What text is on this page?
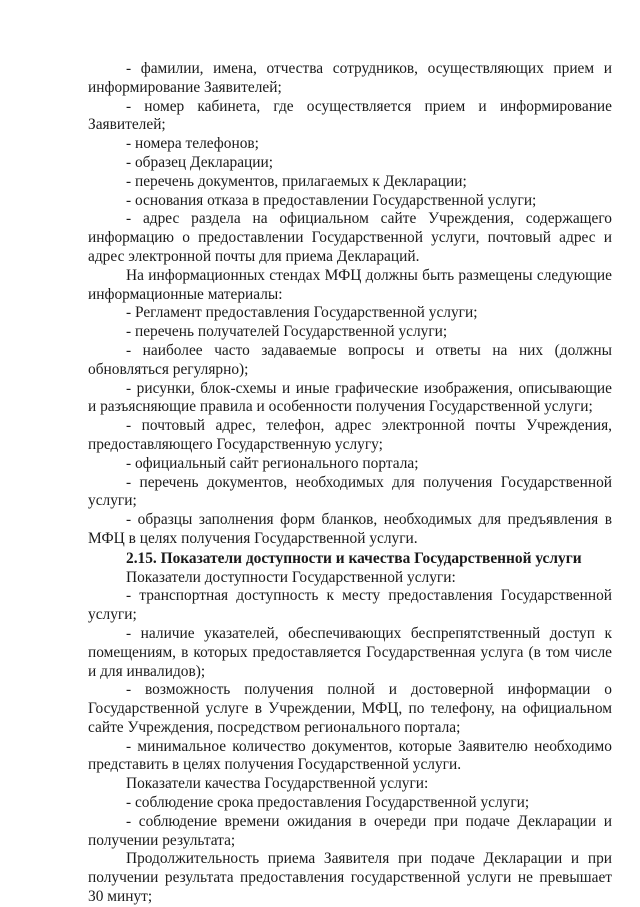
- фамилии, имена, отчества сотрудников, осуществляющих прием и информирование Заявителей;

- номер кабинета, где осуществляется прием и информирование Заявителей;

- номера телефонов;

- образец Декларации;

- перечень документов, прилагаемых к Декларации;

- основания отказа в предоставлении Государственной услуги;

- адрес раздела на официальном сайте Учреждения, содержащего информацию о предоставлении Государственной услуги, почтовый адрес и адрес электронной почты для приема Деклараций.

На информационных стендах МФЦ должны быть размещены следующие информационные материалы:

- Регламент предоставления Государственной услуги;

- перечень получателей Государственной услуги;

- наиболее часто задаваемые вопросы и ответы на них (должны обновляться регулярно);

- рисунки, блок-схемы и иные графические изображения, описывающие и разъясняющие правила и особенности получения Государственной услуги;

- почтовый адрес, телефон, адрес электронной почты Учреждения, предоставляющего Государственную услугу;

- официальный сайт регионального портала;

- перечень документов, необходимых для получения Государственной услуги;

- образцы заполнения форм бланков, необходимых для предъявления в МФЦ в целях получения Государственной услуги.

2.15. Показатели доступности и качества Государственной услуги

Показатели доступности Государственной услуги:

- транспортная доступность к месту предоставления Государственной услуги;

- наличие указателей, обеспечивающих беспрепятственный доступ к помещениям, в которых предоставляется Государственная услуга (в том числе и для инвалидов);

- возможность получения полной и достоверной информации о Государственной услуге в Учреждении, МФЦ, по телефону, на официальном сайте Учреждения, посредством регионального портала;

- минимальное количество документов, которые Заявителю необходимо представить в целях получения Государственной услуги.

Показатели качества Государственной услуги:

- соблюдение срока предоставления Государственной услуги;

- соблюдение времени ожидания в очереди при подаче Декларации и получении результата;

Продолжительность приема Заявителя при подаче Декларации и при получении результата предоставления государственной услуги не превышает 30 минут;
